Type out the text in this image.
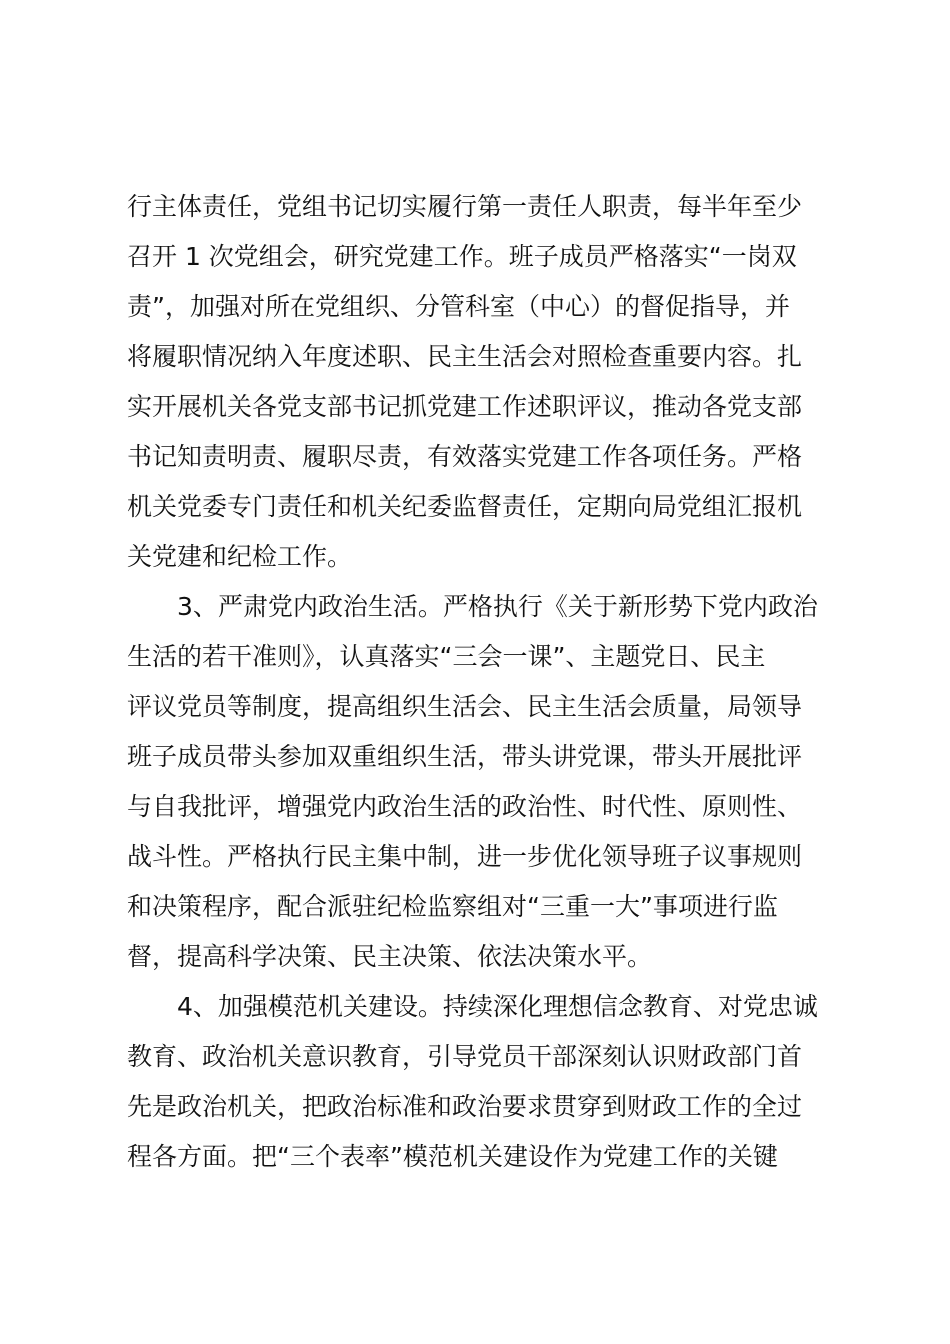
行主体责任，党组书记切实履行第一责任人职责，每半年至少
召开 1 次党组会，研究党建工作。班子成员严格落实“一岗双
责”，加强对所在党组织、分管科室（中心）的督促指导，并
将履职情况纳入年度述职、民主生活会对照检查重要内容。扎
实开展机关各党支部书记抓党建工作述职评议，推动各党支部
书记知责明责、履职尽责，有效落实党建工作各项任务。严格
机关党委专门责任和机关纪委监督责任，定期向局党组汇报机
关党建和纪检工作。
3、严肃党内政治生活。严格执行《关于新形势下党内政治
生活的若干准则》，认真落实“三会一课”、主题党日、民主
评议党员等制度，提高组织生活会、民主生活会质量，局领导
班子成员带头参加双重组织生活，带头讲党课，带头开展批评
与自我批评，增强党内政治生活的政治性、时代性、原则性、
战斗性。严格执行民主集中制，进一步优化领导班子议事规则
和决策程序，配合派驻纪检监察组对“三重一大”事项进行监
督，提高科学决策、民主决策、依法决策水平。
4、加强模范机关建设。持续深化理想信念教育、对党忠诚
教育、政治机关意识教育，引导党员干部深刻认识财政部门首
先是政治机关，把政治标准和政治要求贯穿到财政工作的全过
程各方面。把“三个表率”模范机关建设作为党建工作的关键
